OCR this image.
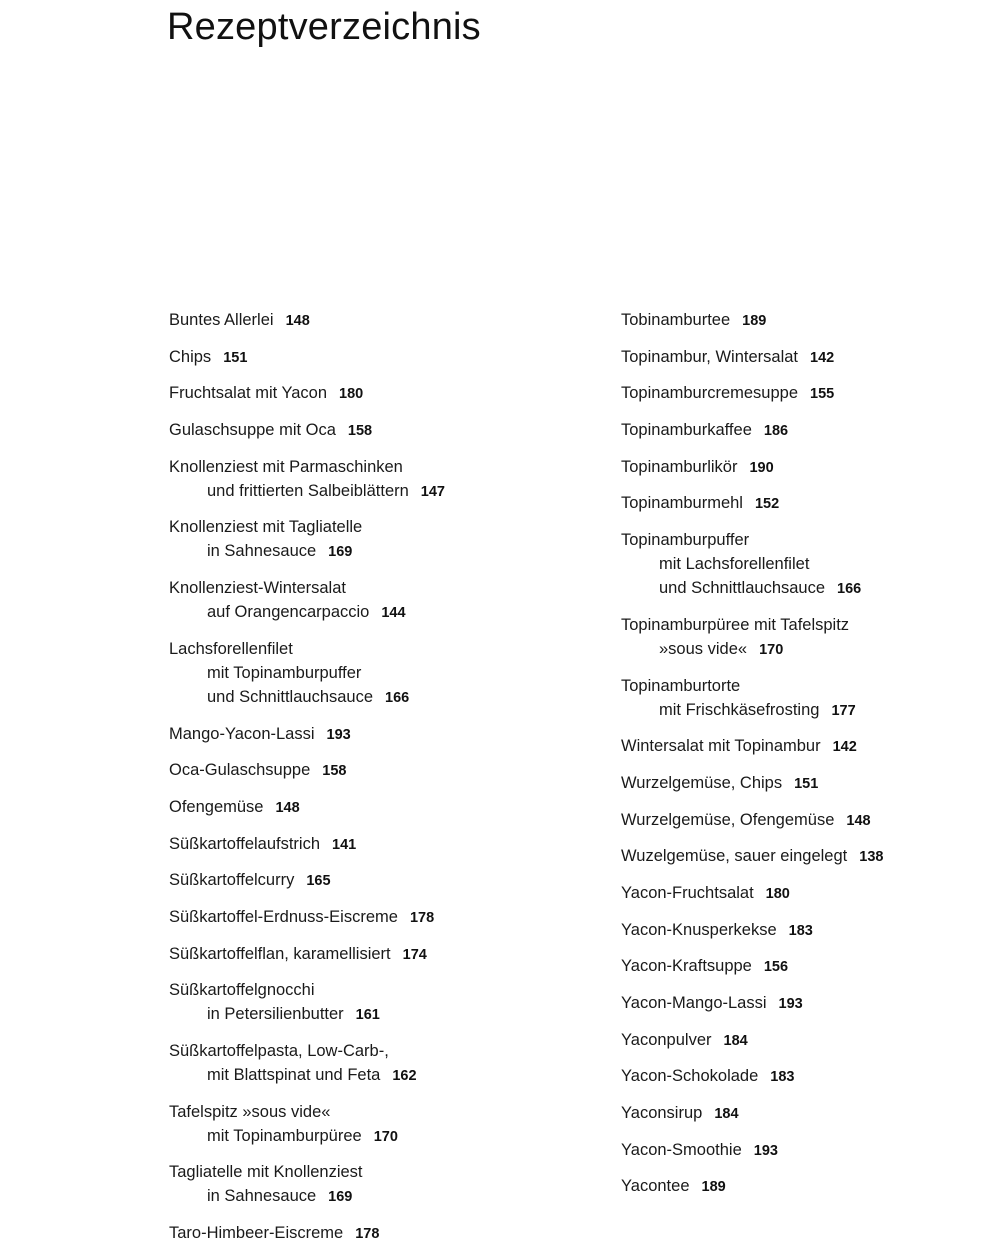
Rezeptverzeichnis
Buntes Allerlei 148
Chips 151
Fruchtsalat mit Yacon 180
Gulaschsuppe mit Oca 158
Knollenziest mit Parmaschinken
und frittierten Salbeiblättern 147
Knollenziest mit Tagliatelle
in Sahnesauce 169
Knollenziest-Wintersalat
auf Orangencarpaccio 144
Lachsforellenfilet
mit Topinamburpuffer
und Schnittlauchsauce 166
Mango-Yacon-Lassi 193
Oca-Gulaschsuppe 158
Ofengemüse 148
Süßkartoffelaufstrich 141
Süßkartoffelcurry 165
Süßkartoffel-Erdnuss-Eiscreme 178
Süßkartoffelflan, karamellisiert 174
Süßkartoffelgnocchi
in Petersilienbutter 161
Süßkartoffelpasta, Low-Carb-,
mit Blattspinat und Feta 162
Tafelspitz »sous vide«
mit Topinamburpüree 170
Tagliatelle mit Knollenziest
in Sahnesauce 169
Taro-Himbeer-Eiscreme 178
Tobinamburtee 189
Topinambur, Wintersalat 142
Topinamburcremesuppe 155
Topinamburkaffee 186
Topinamburlikör 190
Topinamburmehl 152
Topinamburpuffer
mit Lachsforellenfilet
und Schnittlauchsauce 166
Topinamburpüree mit Tafelspitz
»sous vide« 170
Topinamburtorte
mit Frischkäsefrosting 177
Wintersalat mit Topinambur 142
Wurzelgemüse, Chips 151
Wurzelgemüse, Ofengemüse 148
Wuzelgemüse, sauer eingelegt 138
Yacon-Fruchtsalat 180
Yacon-Knusperkekse 183
Yacon-Kraftsuppe 156
Yacon-Mango-Lassi 193
Yaconpulver 184
Yacon-Schokolade 183
Yaconsirup 184
Yacon-Smoothie 193
Yacontee 189
